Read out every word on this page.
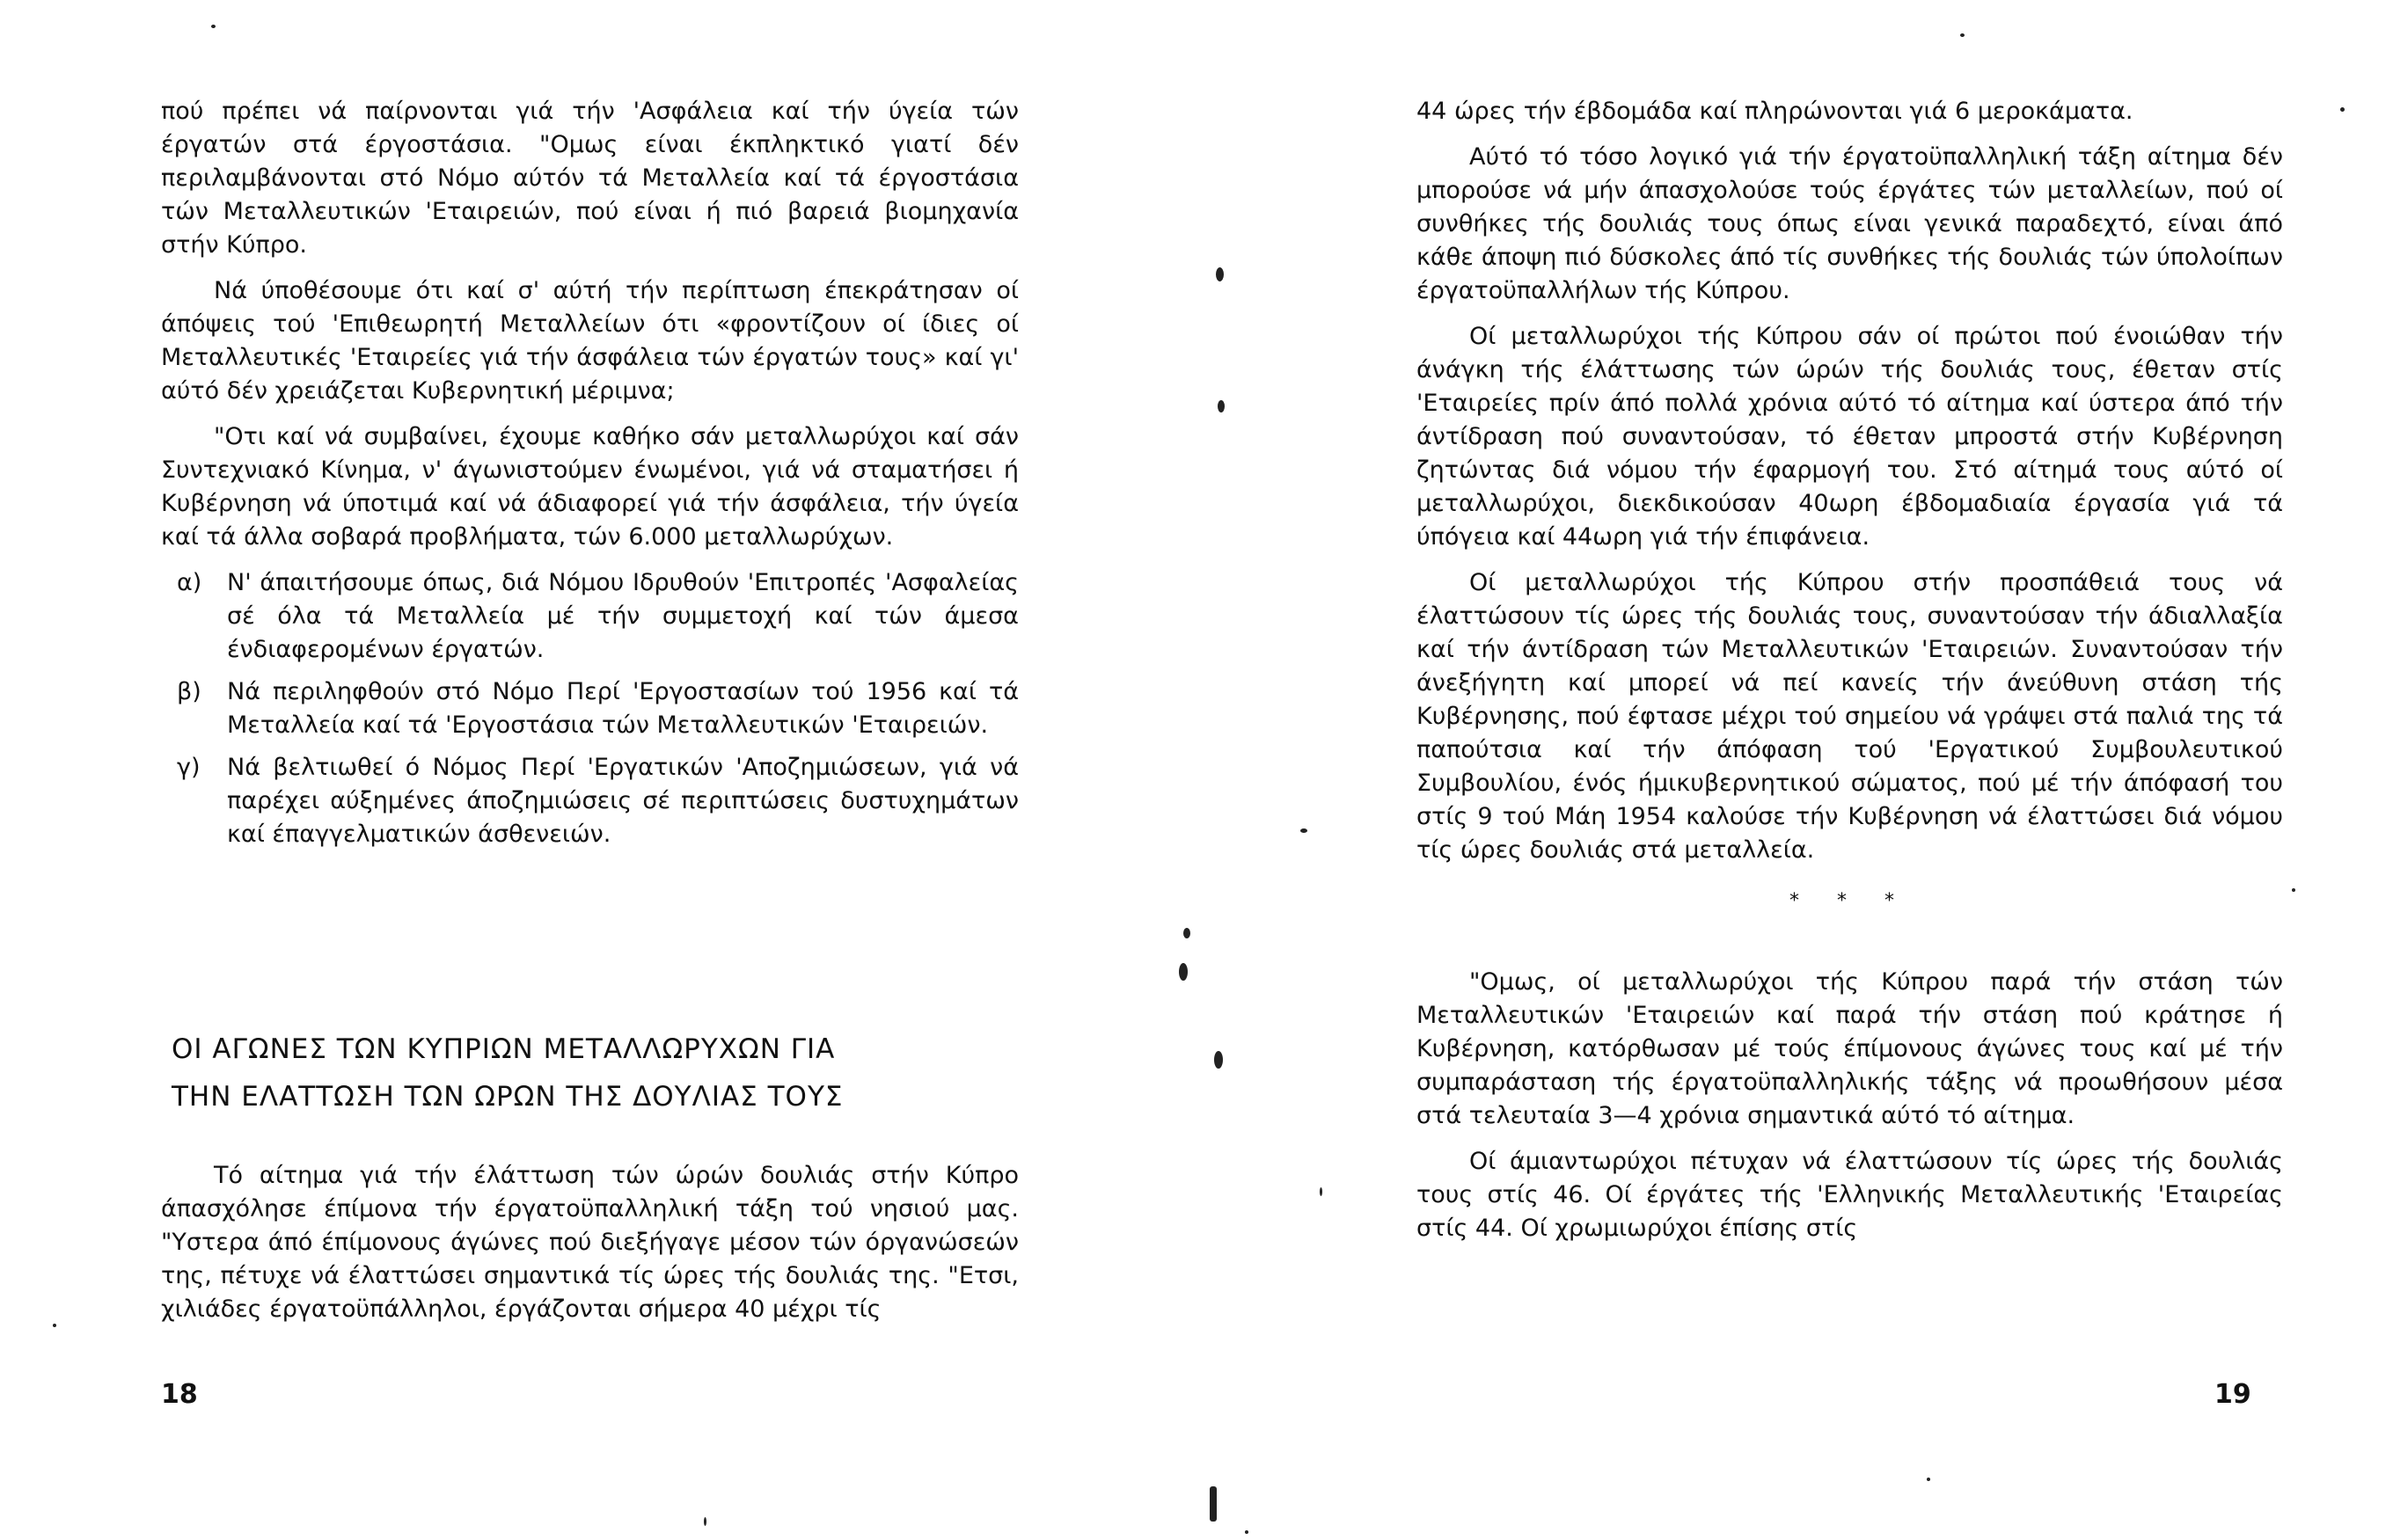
πού πρέπει νά παίρνονται γιά τήν 'Ασφάλεια καί τήν ύγεία τών έργατών στά έργοστάσια. "Ομως είναι έκπληκτικό γιατί δέν περιλαμβάνονται στό Νόμο αύτόν τά Μεταλλεία καί τά έργοστάσια τών Μεταλλευτικών 'Εταιρειών, πού είναι ή πιό βαρειά βιομηχανία στήν Κύπρο.

Νά ύποθέσουμε ότι καί σ' αύτή τήν περίπτωση έπεκράτησαν οί άπόψεις τού 'Επιθεωρητή Μεταλλείων ότι «φροντίζουν οί ίδιες οί Μεταλλευτικές 'Εταιρείες γιά τήν άσφάλεια τών έργατών τους» καί γι' αύτό δέν χρειάζεται Κυβερνητική μέριμνα;

"Οτι καί νά συμβαίνει, έχουμε καθήκο σάν μεταλλωρύχοι καί σάν Συντεχνιακό Κίνημα, ν' άγωνιστούμεν ένωμένοι, γιά νά σταματήσει ή Κυβέρνηση νά ύποτιμά καί νά άδιαφορεί γιά τήν άσφάλεια, τήν ύγεία καί τά άλλα σοβαρά προβλήματα, τών 6.000 μεταλλωρύχων.

α)	Ν' άπαιτήσουμε όπως, διά Νόμου Ιδρυθούν 'Επιτροπές 'Ασφαλείας σέ όλα τά Μεταλλεία μέ τήν συμμετοχή καί τών άμεσα ένδιαφερομένων έργατών.
β)	Νά περιληφθούν στό Νόμο Περί 'Εργοστασίων τού 1956 καί τά Μεταλλεία καί τά 'Εργοστάσια τών Μεταλλευτικών 'Εταιρειών.
γ)	Νά βελτιωθεί ό Νόμος Περί 'Εργατικών 'Αποζημιώσεων, γιά νά παρέχει αύξημένες άποζημιώσεις σέ περιπτώσεις δυστυχημάτων καί έπαγγελματικών άσθενειών.
ΟΙ ΑΓΩΝΕΣ ΤΩΝ ΚΥΠΡΙΩΝ ΜΕΤΑΛΛΩΡΥΧΩΝ ΓΙΑ
ΤΗΝ ΕΛΑΤΤΩΣΗ ΤΩΝ ΩΡΩΝ ΤΗΣ ΔΟΥΛΙΑΣ ΤΟΥΣ

Τό αίτημα γιά τήν έλάττωση τών ώρών δουλιάς στήν Κύπρο άπασχόλησε έπίμονα τήν έργατοϋπαλληλική τάξη τού νησιού μας. "Υστερα άπό έπίμονους άγώνες πού διεξήγαγε μέσον τών όργανώσεών της, πέτυχε νά έλαττώσει σημαντικά τίς ώρες τής δουλιάς της. "Ετσι, χιλιάδες έργατοϋπάλληλοι, έργάζονται σήμερα 40 μέχρι τίς

18

44 ώρες τήν έβδομάδα καί πληρώνονται γιά 6 μεροκάματα.

Αύτό τό τόσο λογικό γιά τήν έργατοϋπαλληλική τάξη αίτημα δέν μπορούσε νά μήν άπασχολούσε τούς έργάτες τών μεταλλείων, πού οί συνθήκες τής δουλιάς τους όπως είναι γενικά παραδεχτό, είναι άπό κάθε άποψη πιό δύσκολες άπό τίς συνθήκες τής δουλιάς τών ύπολοίπων έργατοϋπαλλήλων τής Κύπρου.

Οί μεταλλωρύχοι τής Κύπρου σάν οί πρώτοι πού ένοιώθαν τήν άνάγκη τής έλάττωσης τών ώρών τής δουλιάς τους, έθεταν στίς 'Εταιρείες πρίν άπό πολλά χρόνια αύτό τό αίτημα καί ύστερα άπό τήν άντίδραση πού συναντούσαν, τό έθεταν μπροστά στήν Κυβέρνηση ζητώντας διά νόμου τήν έφαρμογή του. Στό αίτημά τους αύτό οί μεταλλωρύχοι, διεκδικούσαν 40ωρη έβδομαδιαία έργασία γιά τά ύπόγεια καί 44ωρη γιά τήν έπιφάνεια.

Οί μεταλλωρύχοι τής Κύπρου στήν προσπάθειά τους νά έλαττώσουν τίς ώρες τής δουλιάς τους, συναντούσαν τήν άδιαλλαξία καί τήν άντίδραση τών Μεταλλευτικών 'Εταιρειών. Συναντούσαν τήν άνεξήγητη καί μπορεί νά πεί κανείς τήν άνεύθυνη στάση τής Κυβέρνησης, πού έφτασε μέχρι τού σημείου νά γράψει στά παλιά της τά παπούτσια καί τήν άπόφαση τού 'Εργατικού Συμβουλευτικού Συμβουλίου, ένός ήμικυβερνητικού σώματος, πού μέ τήν άπόφασή του στίς 9 τού Μάη 1954 καλούσε τήν Κυβέρνηση νά έλαττώσει διά νόμου τίς ώρες δουλιάς στά μεταλλεία.

* * *

"Ομως, οί μεταλλωρύχοι τής Κύπρου παρά τήν στάση τών Μεταλλευτικών 'Εταιρειών καί παρά τήν στάση πού κράτησε ή Κυβέρνηση, κατόρθωσαν μέ τούς έπίμονους άγώνες τους καί μέ τήν συμπαράσταση τής έργατοϋπαλληλικής τάξης νά προωθήσουν μέσα στά τελευταία 3—4 χρόνια σημαντικά αύτό τό αίτημα.

Οί άμιαντωρύχοι πέτυχαν νά έλαττώσουν τίς ώρες τής δουλιάς τους στίς 46. Οί έργάτες τής 'Ελληνικής Μεταλλευτικής 'Εταιρείας στίς 44. Οί χρωμιωρύχοι έπίσης στίς

19
